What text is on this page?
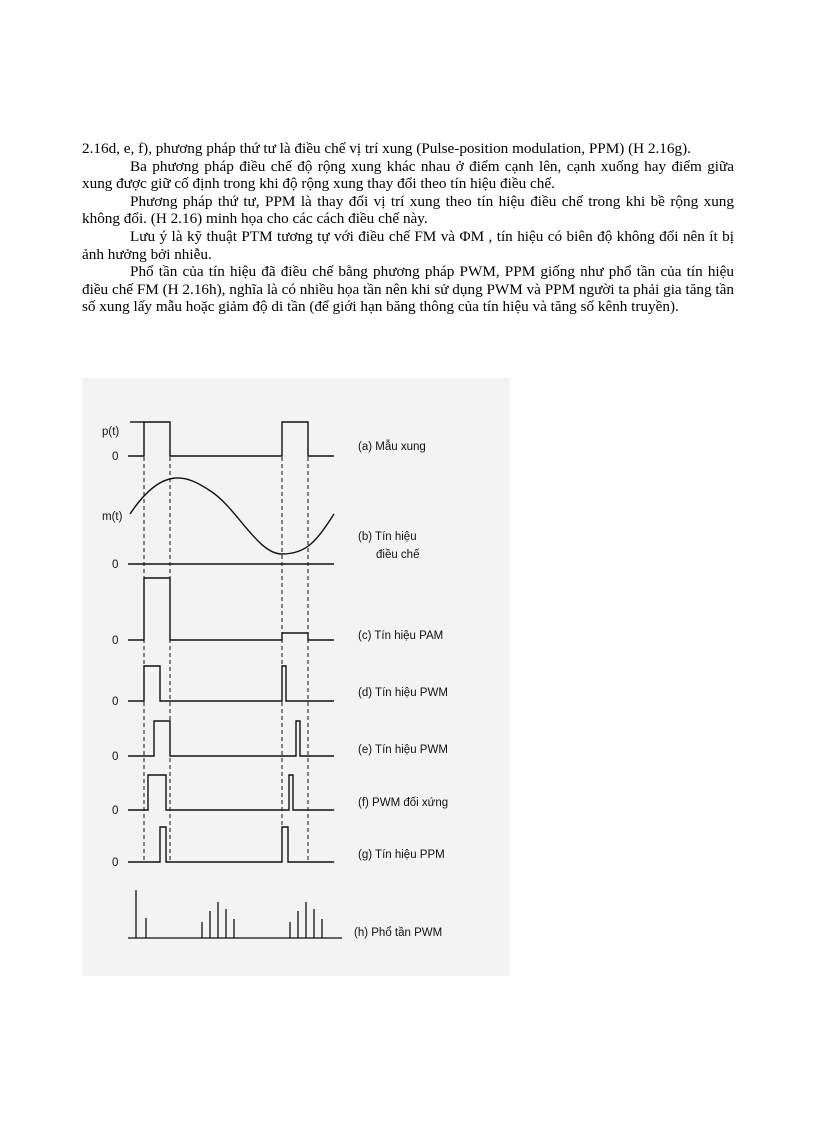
2.16d, e, f), phương pháp thứ tư là điều chế vị trí xung (Pulse-position modulation, PPM) (H 2.16g).

Ba phương pháp điều chế độ rộng xung khác nhau ở điểm cạnh lên, cạnh xuống hay điểm giữa xung được giữ cố định trong khi độ rộng xung thay đổi theo tín hiệu điều chế.

Phương pháp thứ tư, PPM là thay đổi vị trí xung theo tín hiệu điều chế trong khi bề rộng xung không đổi. (H 2.16) minh họa cho các cách điều chế này.

Lưu ý là kỹ thuật PTM tương tự với điều chế FM và ΦM , tín hiệu có biên độ không đổi nên ít bị ảnh hưởng bởi nhiễu.

Phổ tần của tín hiệu đã điều chế bằng phương pháp PWM, PPM giống như phổ tần của tín hiệu điều chế FM (H 2.16h), nghĩa là có nhiều họa tần nên khi sử dụng PWM và PPM người ta phải gia tăng tần số xung lấy mẫu hoặc giảm độ di tần (để giới hạn băng thông của tín hiệu và tăng số kênh truyền).

p(t)
0
m(t)
0
0
0
0
0
0
(a) Mẫu xung
(b) Tín hiệu
điều chế
(c) Tín hiệu PAM
(d) Tín hiệu PWM
(e) Tín hiệu PWM
(f) PWM đối xứng
(g) Tín hiệu PPM
(h) Phổ tần PWM
